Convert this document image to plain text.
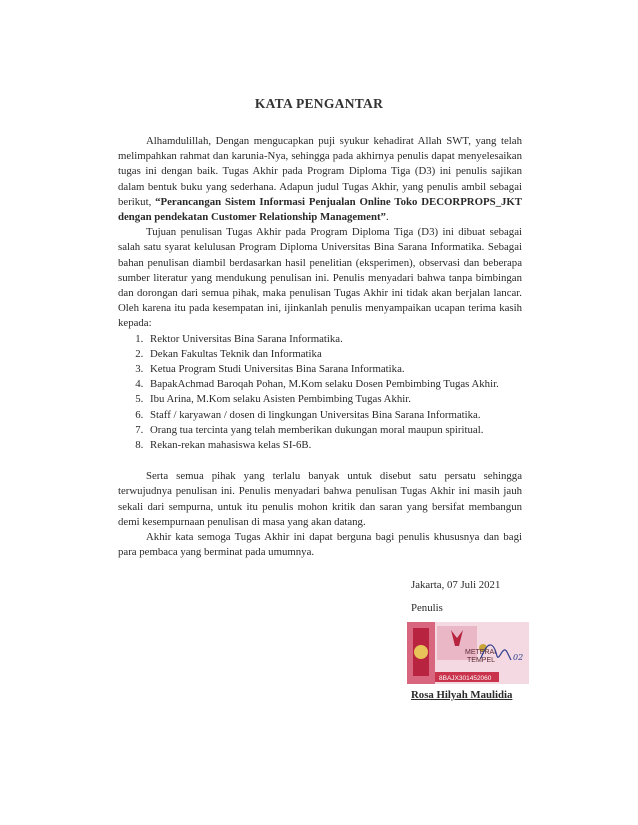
KATA PENGANTAR

Alhamdulillah, Dengan mengucapkan puji syukur kehadirat Allah SWT, yang telah melimpahkan rahmat dan karunia-Nya, sehingga pada akhirnya penulis dapat menyelesaikan tugas ini dengan baik. Tugas Akhir pada Program Diploma Tiga (D3) ini penulis sajikan dalam bentuk buku yang sederhana. Adapun judul Tugas Akhir, yang penulis ambil sebagai berikut, “Perancangan Sistem Informasi Penjualan Online Toko DECORPROPS_JKT dengan pendekatan Customer Relationship Management”.

Tujuan penulisan Tugas Akhir pada Program Diploma Tiga (D3) ini dibuat sebagai salah satu syarat kelulusan Program Diploma Universitas Bina Sarana Informatika. Sebagai bahan penulisan diambil berdasarkan hasil penelitian (eksperimen), observasi dan beberapa sumber literatur yang mendukung penulisan ini. Penulis menyadari bahwa tanpa bimbingan dan dorongan dari semua pihak, maka penulisan Tugas Akhir ini tidak akan berjalan lancar. Oleh karena itu pada kesempatan ini, ijinkanlah penulis menyampaikan ucapan terima kasih kepada:

1. Rektor Universitas Bina Sarana Informatika.
2. Dekan Fakultas Teknik dan Informatika
3. Ketua Program Studi Universitas Bina Sarana Informatika.
4. BapakAchmad Baroqah Pohan, M.Kom selaku Dosen Pembimbing Tugas Akhir.
5. Ibu Arina, M.Kom selaku Asisten Pembimbing Tugas Akhir.
6. Staff / karyawan / dosen di lingkungan Universitas Bina Sarana Informatika.
7. Orang tua tercinta yang telah memberikan dukungan moral maupun spiritual.
8. Rekan-rekan mahasiswa kelas SI-6B.

Serta semua pihak yang terlalu banyak untuk disebut satu persatu sehingga terwujudnya penulisan ini. Penulis menyadari bahwa penulisan Tugas Akhir ini masih jauh sekali dari sempurna, untuk itu penulis mohon kritik dan saran yang bersifat membangun demi kesempurnaan penulisan di masa yang akan datang.

Akhir kata semoga Tugas Akhir ini dapat berguna bagi penulis khususnya dan bagi para pembaca yang berminat pada umumnya.

Jakarta, 07 Juli 2021
Penulis
METERAI
TEMPEL
8BAJX301452060
02
Rosa Hilyah Maulidia
